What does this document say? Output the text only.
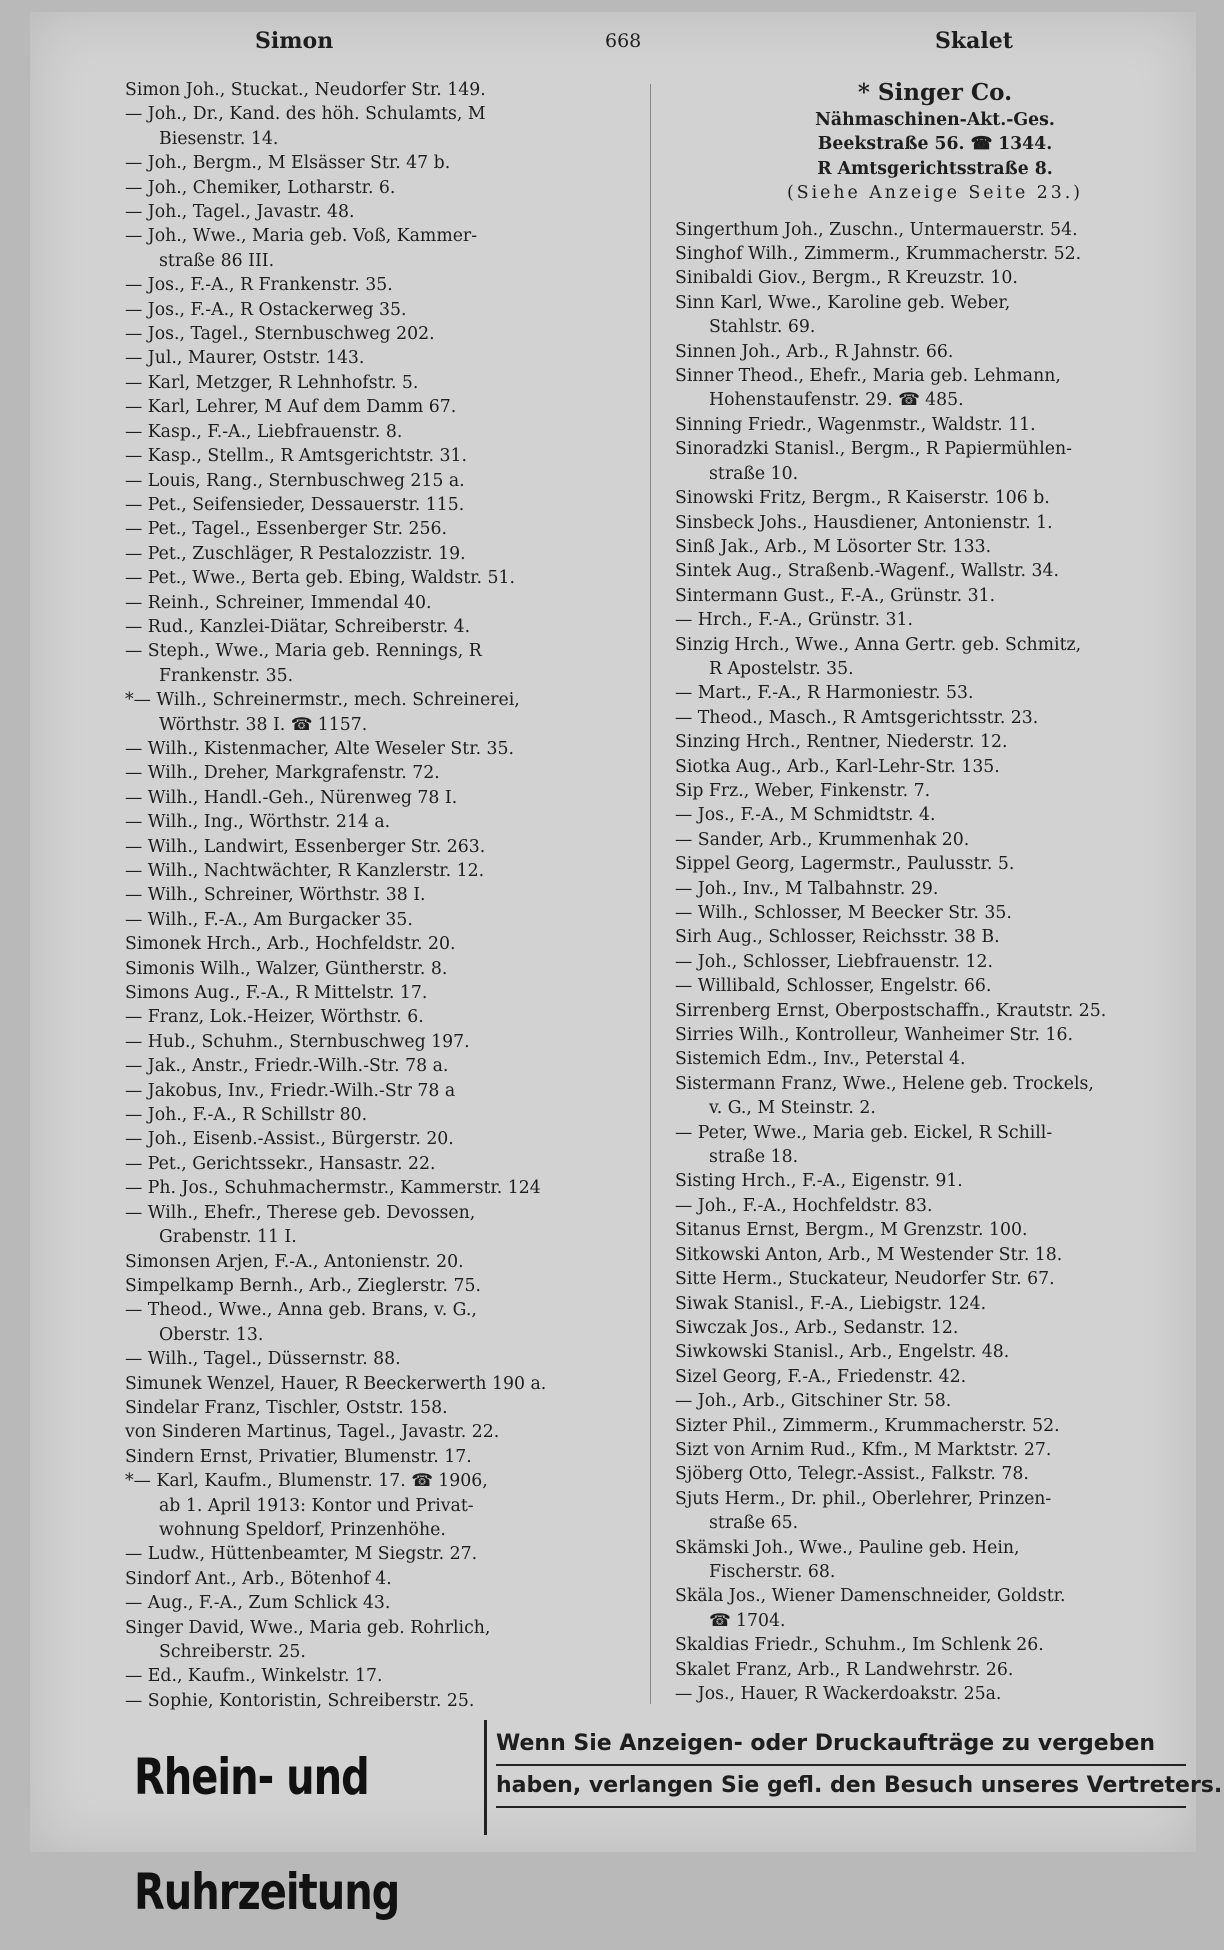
Simon	668	Skalet
Simon Joh., Stuckat., Neudorfer Str. 149.
— Joh., Dr., Kand. des höh. Schulamts, M
Biesenstr. 14.
— Joh., Bergm., M Elsässer Str. 47 b.
— Joh., Chemiker, Lotharstr. 6.
— Joh., Tagel., Javastr. 48.
— Joh., Wwe., Maria geb. Voß, Kammer-
straße 86 III.
— Jos., F.-A., R Frankenstr. 35.
— Jos., F.-A., R Ostackerweg 35.
— Jos., Tagel., Sternbuschweg 202.
— Jul., Maurer, Oststr. 143.
— Karl, Metzger, R Lehnhofstr. 5.
— Karl, Lehrer, M Auf dem Damm 67.
— Kasp., F.-A., Liebfrauenstr. 8.
— Kasp., Stellm., R Amtsgerichtstr. 31.
— Louis, Rang., Sternbuschweg 215 a.
— Pet., Seifensieder, Dessauerstr. 115.
— Pet., Tagel., Essenberger Str. 256.
— Pet., Zuschläger, R Pestalozzistr. 19.
— Pet., Wwe., Berta geb. Ebing, Waldstr. 51.
— Reinh., Schreiner, Immendal 40.
— Rud., Kanzlei-Diätar, Schreiberstr. 4.
— Steph., Wwe., Maria geb. Rennings, R
Frankenstr. 35.
*— Wilh., Schreinermstr., mech. Schreinerei,
Wörthstr. 38 I. ☎ 1157.
— Wilh., Kistenmacher, Alte Weseler Str. 35.
— Wilh., Dreher, Markgrafenstr. 72.
— Wilh., Handl.-Geh., Nürenweg 78 I.
— Wilh., Ing., Wörthstr. 214 a.
— Wilh., Landwirt, Essenberger Str. 263.
— Wilh., Nachtwächter, R Kanzlerstr. 12.
— Wilh., Schreiner, Wörthstr. 38 I.
— Wilh., F.-A., Am Burgacker 35.
Simonek Hrch., Arb., Hochfeldstr. 20.
Simonis Wilh., Walzer, Güntherstr. 8.
Simons Aug., F.-A., R Mittelstr. 17.
— Franz, Lok.-Heizer, Wörthstr. 6.
— Hub., Schuhm., Sternbuschweg 197.
— Jak., Anstr., Friedr.-Wilh.-Str. 78 a.
— Jakobus, Inv., Friedr.-Wilh.-Str 78 a
— Joh., F.-A., R Schillstr 80.
— Joh., Eisenb.-Assist., Bürgerstr. 20.
— Pet., Gerichtssekr., Hansastr. 22.
— Ph. Jos., Schuhmachermstr., Kammerstr. 124
— Wilh., Ehefr., Therese geb. Devossen,
Grabenstr. 11 I.
Simonsen Arjen, F.-A., Antonienstr. 20.
Simpelkamp Bernh., Arb., Zieglerstr. 75.
— Theod., Wwe., Anna geb. Brans, v. G.,
Oberstr. 13.
— Wilh., Tagel., Düssernstr. 88.
Simunek Wenzel, Hauer, R Beeckerwerth 190 a.
Sindelar Franz, Tischler, Oststr. 158.
von Sinderen Martinus, Tagel., Javastr. 22.
Sindern Ernst, Privatier, Blumenstr. 17.
*— Karl, Kaufm., Blumenstr. 17. ☎ 1906,
ab 1. April 1913: Kontor und Privat-
wohnung Speldorf, Prinzenhöhe.
— Ludw., Hüttenbeamter, M Siegstr. 27.
Sindorf Ant., Arb., Bötenhof 4.
— Aug., F.-A., Zum Schlick 43.
Singer David, Wwe., Maria geb. Rohrlich,
Schreiberstr. 25.
— Ed., Kaufm., Winkelstr. 17.
— Sophie, Kontoristin, Schreiberstr. 25.
* Singer Co.
Nähmaschinen-Akt.-Ges.
Beekstraße 56. ☎ 1344.
R Amtsgerichtsstraße 8.
(Siehe Anzeige Seite 23.)
Singerthum Joh., Zuschn., Untermauerstr. 54.
Singhof Wilh., Zimmerm., Krummacherstr. 52.
Sinibaldi Giov., Bergm., R Kreuzstr. 10.
Sinn Karl, Wwe., Karoline geb. Weber,
Stahlstr. 69.
Sinnen Joh., Arb., R Jahnstr. 66.
Sinner Theod., Ehefr., Maria geb. Lehmann,
Hohenstaufenstr. 29. ☎ 485.
Sinning Friedr., Wagenmstr., Waldstr. 11.
Sinoradzki Stanisl., Bergm., R Papiermühlen-
straße 10.
Sinowski Fritz, Bergm., R Kaiserstr. 106 b.
Sinsbeck Johs., Hausdiener, Antonienstr. 1.
Sinß Jak., Arb., M Lösorter Str. 133.
Sintek Aug., Straßenb.-Wagenf., Wallstr. 34.
Sintermann Gust., F.-A., Grünstr. 31.
— Hrch., F.-A., Grünstr. 31.
Sinzig Hrch., Wwe., Anna Gertr. geb. Schmitz,
R Apostelstr. 35.
— Mart., F.-A., R Harmoniestr. 53.
— Theod., Masch., R Amtsgerichtsstr. 23.
Sinzing Hrch., Rentner, Niederstr. 12.
Siotka Aug., Arb., Karl-Lehr-Str. 135.
Sip Frz., Weber, Finkenstr. 7.
— Jos., F.-A., M Schmidtstr. 4.
— Sander, Arb., Krummenhak 20.
Sippel Georg, Lagermstr., Paulusstr. 5.
— Joh., Inv., M Talbahnstr. 29.
— Wilh., Schlosser, M Beecker Str. 35.
Sirh Aug., Schlosser, Reichsstr. 38 B.
— Joh., Schlosser, Liebfrauenstr. 12.
— Willibald, Schlosser, Engelstr. 66.
Sirrenberg Ernst, Oberpostschaffn., Krautstr. 25.
Sirries Wilh., Kontrolleur, Wanheimer Str. 16.
Sistemich Edm., Inv., Peterstal 4.
Sistermann Franz, Wwe., Helene geb. Trockels,
v. G., M Steinstr. 2.
— Peter, Wwe., Maria geb. Eickel, R Schill-
straße 18.
Sisting Hrch., F.-A., Eigenstr. 91.
— Joh., F.-A., Hochfeldstr. 83.
Sitanus Ernst, Bergm., M Grenzstr. 100.
Sitkowski Anton, Arb., M Westender Str. 18.
Sitte Herm., Stuckateur, Neudorfer Str. 67.
Siwak Stanisl., F.-A., Liebigstr. 124.
Siwczak Jos., Arb., Sedanstr. 12.
Siwkowski Stanisl., Arb., Engelstr. 48.
Sizel Georg, F.-A., Friedenstr. 42.
— Joh., Arb., Gitschiner Str. 58.
Sizter Phil., Zimmerm., Krummacherstr. 52.
Sizt von Arnim Rud., Kfm., M Marktstr. 27.
Sjöberg Otto, Telegr.-Assist., Falkstr. 78.
Sjuts Herm., Dr. phil., Oberlehrer, Prinzen-
straße 65.
Skämski Joh., Wwe., Pauline geb. Hein,
Fischerstr. 68.
Skäla Jos., Wiener Damenschneider, Goldstr.
☎ 1704.
Skaldias Friedr., Schuhm., Im Schlenk 26.
Skalet Franz, Arb., R Landwehrstr. 26.
— Jos., Hauer, R Wackerdoakstr. 25a.
Rhein- und Ruhrzeitung
Wenn Sie Anzeigen- oder Druckaufträge zu vergeben
haben, verlangen Sie gefl. den Besuch unseres Vertreters.
